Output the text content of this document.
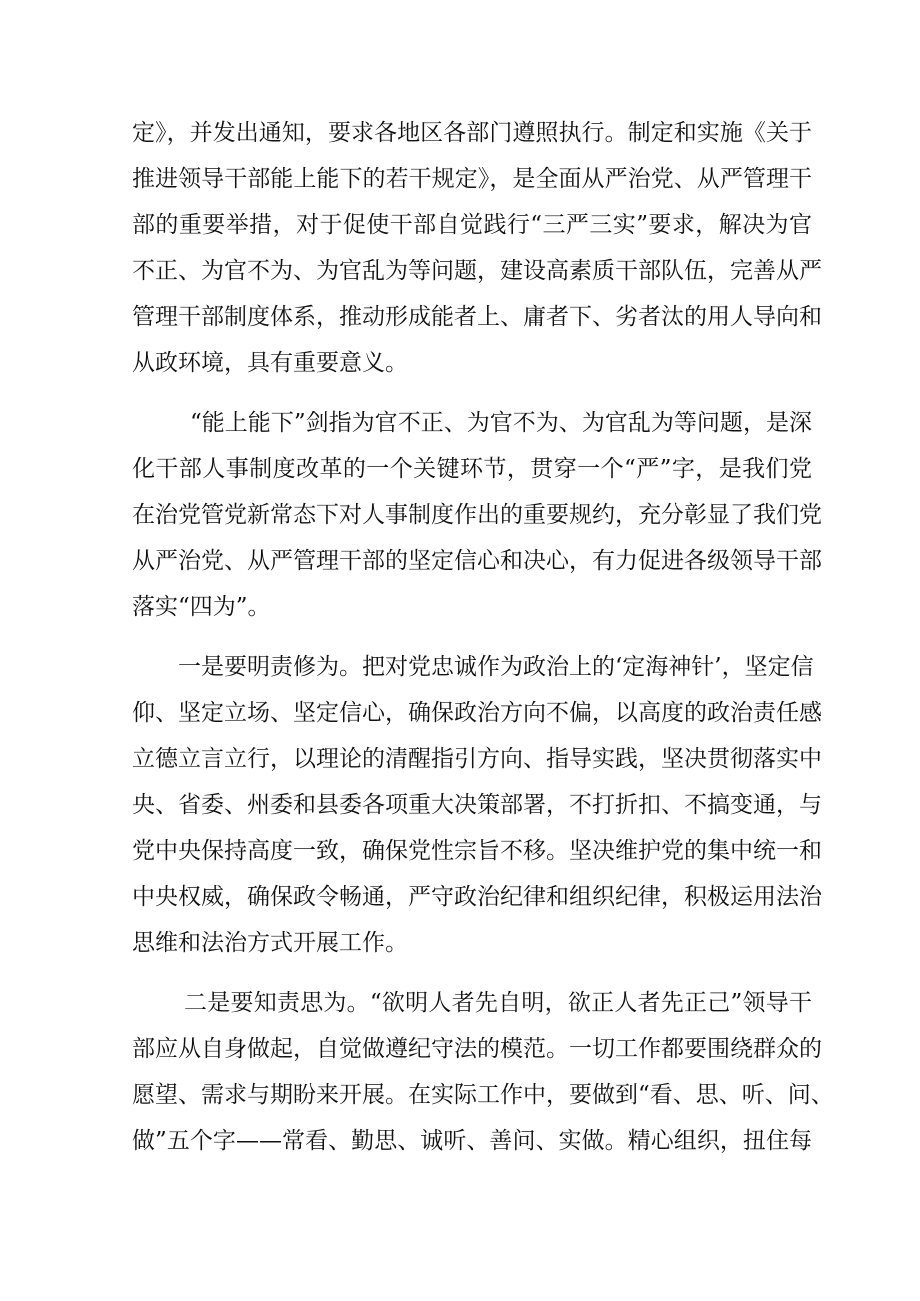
定》，并发出通知，要求各地区各部门遵照执行。制定和实施《关于
推进领导干部能上能下的若干规定》，是全面从严治党、从严管理干
部的重要举措，对于促使干部自觉践行“三严三实”要求，解决为官
不正、为官不为、为官乱为等问题，建设高素质干部队伍，完善从严
管理干部制度体系，推动形成能者上、庸者下、劣者汰的用人导向和
从政环境，具有重要意义。
“能上能下”剑指为官不正、为官不为、为官乱为等问题，是深
化干部人事制度改革的一个关键环节，贯穿一个“严”字，是我们党
在治党管党新常态下对人事制度作出的重要规约，充分彰显了我们党
从严治党、从严管理干部的坚定信心和决心，有力促进各级领导干部
落实“四为”。
一是要明责修为。把对党忠诚作为政治上的‘定海神针’，坚定信
仰、坚定立场、坚定信心，确保政治方向不偏，以高度的政治责任感
立德立言立行，以理论的清醒指引方向、指导实践，坚决贯彻落实中
央、省委、州委和县委各项重大决策部署，不打折扣、不搞变通，与
党中央保持高度一致，确保党性宗旨不移。坚决维护党的集中统一和
中央权威，确保政令畅通，严守政治纪律和组织纪律，积极运用法治
思维和法治方式开展工作。
二是要知责思为。“欲明人者先自明，欲正人者先正己”领导干
部应从自身做起，自觉做遵纪守法的模范。一切工作都要围绕群众的
愿望、需求与期盼来开展。在实际工作中，要做到“看、思、听、问、
做”五个字——常看、勤思、诚听、善问、实做。精心组织，扭住每
